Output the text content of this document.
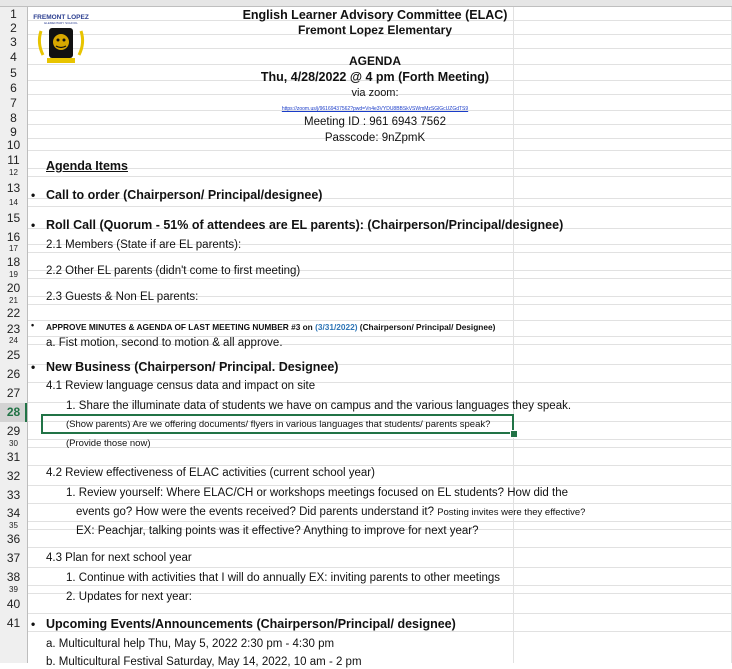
1
2
3
4
5
6
7
8
9
10
11
12
13
14
15
16
17
18
19
20
21
22
23
24
25
26
27
28
29
30
31
32
33
34
35
36
37
38
39
40
41
FREMONT LOPEZ
ELEMENTARY SCHOOL
English Learner Advisory Committee (ELAC)
Fremont Lopez Elementary
AGENDA
Thu, 4/28/2022 @ 4 pm (Forth Meeting)
via zoom:
https://zoom.us/j/96169437562?pwd=Vn4e3VYDU8BBSkVSWmMzSGlGcUZGdTS9
Meeting ID : 961 6943 7562
Passcode: 9nZpmK
Agenda Items
• Call to order (Chairperson/ Principal/designee)
• Roll Call (Quorum - 51% of attendees are EL parents): (Chairperson/Principal/designee)
2.1 Members (State if are EL parents):
2.2 Other EL parents (didn't come to first meeting)
2.3 Guests & Non EL parents:
• APPROVE MINUTES & AGENDA OF LAST MEETING NUMBER #3 on (3/31/2022) (Chairperson/ Principal/ Designee)
a. Fist motion, second to motion & all approve.
• New Business (Chairperson/ Principal. Designee)
4.1 Review language census data and impact on site
1. Share the illuminate data of students we have on campus and the various languages they speak.
(Show parents) Are we offering documents/ flyers in various languages that students/ parents speak?
(Provide those now)
4.2 Review effectiveness of ELAC activities (current school year)
1. Review yourself: Where ELAC/CH or workshops meetings focused on EL students? How did the
events go? How were the events received? Did parents understand it? Posting invites were they effective?
EX: Peachjar, talking points was it effective? Anything to improve for next year?
4.3 Plan for next school year
1. Continue with activities that I will do annually EX: inviting parents to other meetings
2. Updates for next year:
• Upcoming Events/Announcements (Chairperson/Principal/ designee)
a. Multicultural help Thu, May 5, 2022 2:30 pm - 4:30 pm
b. Multicultural Festival Saturday, May 14, 2022, 10 am - 2 pm
